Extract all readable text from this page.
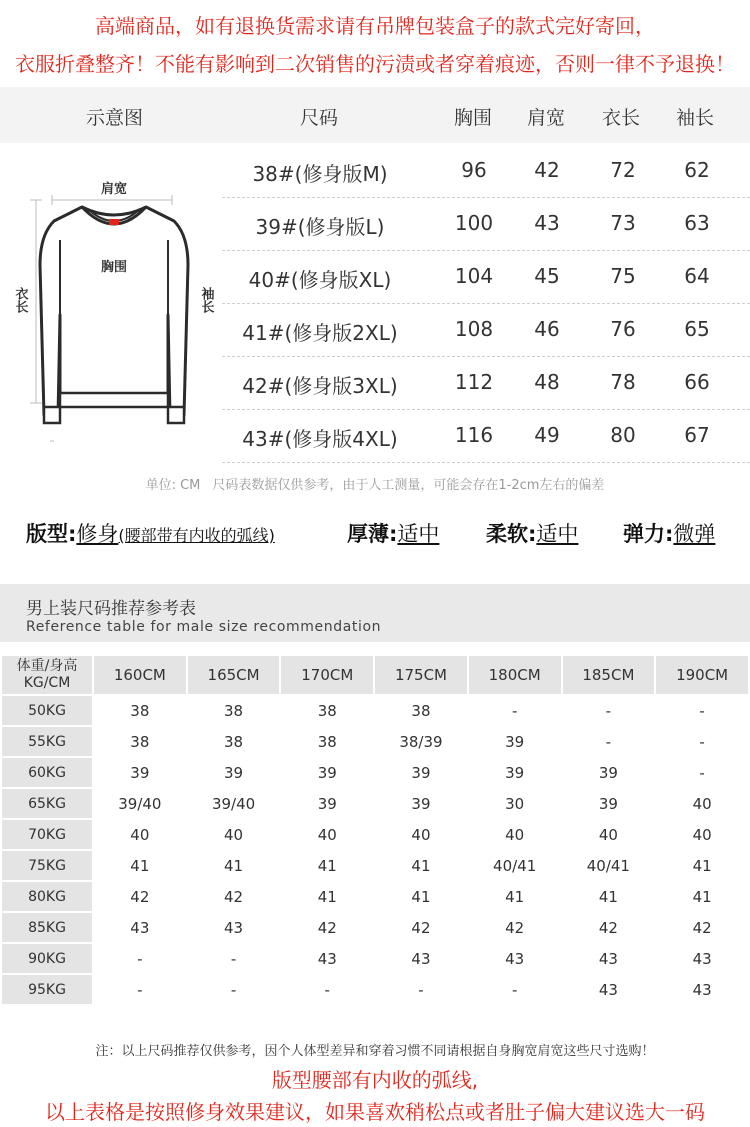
高端商品，如有退换货需求请有吊牌包装盒子的款式完好寄回，
衣服折叠整齐！不能有影响到二次销售的污渍或者穿着痕迹，否则一律不予退换！
示意图	尺码	胸围 肩宽 衣长 袖长
肩宽
胸围
衣长	袖长
38#(修身版M)	96	42	72	62
39#(修身版L)	100	43	73	63
40#(修身版XL)	104	45	75	64
41#(修身版2XL)	108	46	76	65
42#(修身版3XL)	112	48	78	66
43#(修身版4XL)	116	49	80	67
单位: CM 尺码表数据仅供参考，由于人工测量，可能会存在1-2cm左右的偏差
版型:修身(腰部带有内收的弧线)	厚薄:适中 柔软:适中 弹力:微弹
男上装尺码推荐参考表
Reference table for male size recommendation
体重/身高
KG/CM	160CM	165CM	170CM	175CM	180CM	185CM	190CM
50KG	38	38	38	38	-	-	-
55KG	38	38	38	38/39	39	-	-
60KG	39	39	39	39	39	39	-
65KG	39/40	39/40	39	39	30	39	40
70KG	40	40	40	40	40	40	40
75KG	41	41	41	41	40/41	40/41	41
80KG	42	42	41	41	41	41	41
85KG	43	43	42	42	42	42	42
90KG	-	-	43	43	43	43	43
95KG	-	-	-	-	-	43	43
注：以上尺码推荐仅供参考，因个人体型差异和穿着习惯不同请根据自身胸宽肩宽这些尺寸选购！
版型腰部有内收的弧线,
以上表格是按照修身效果建议，如果喜欢稍松点或者肚子偏大建议选大一码
